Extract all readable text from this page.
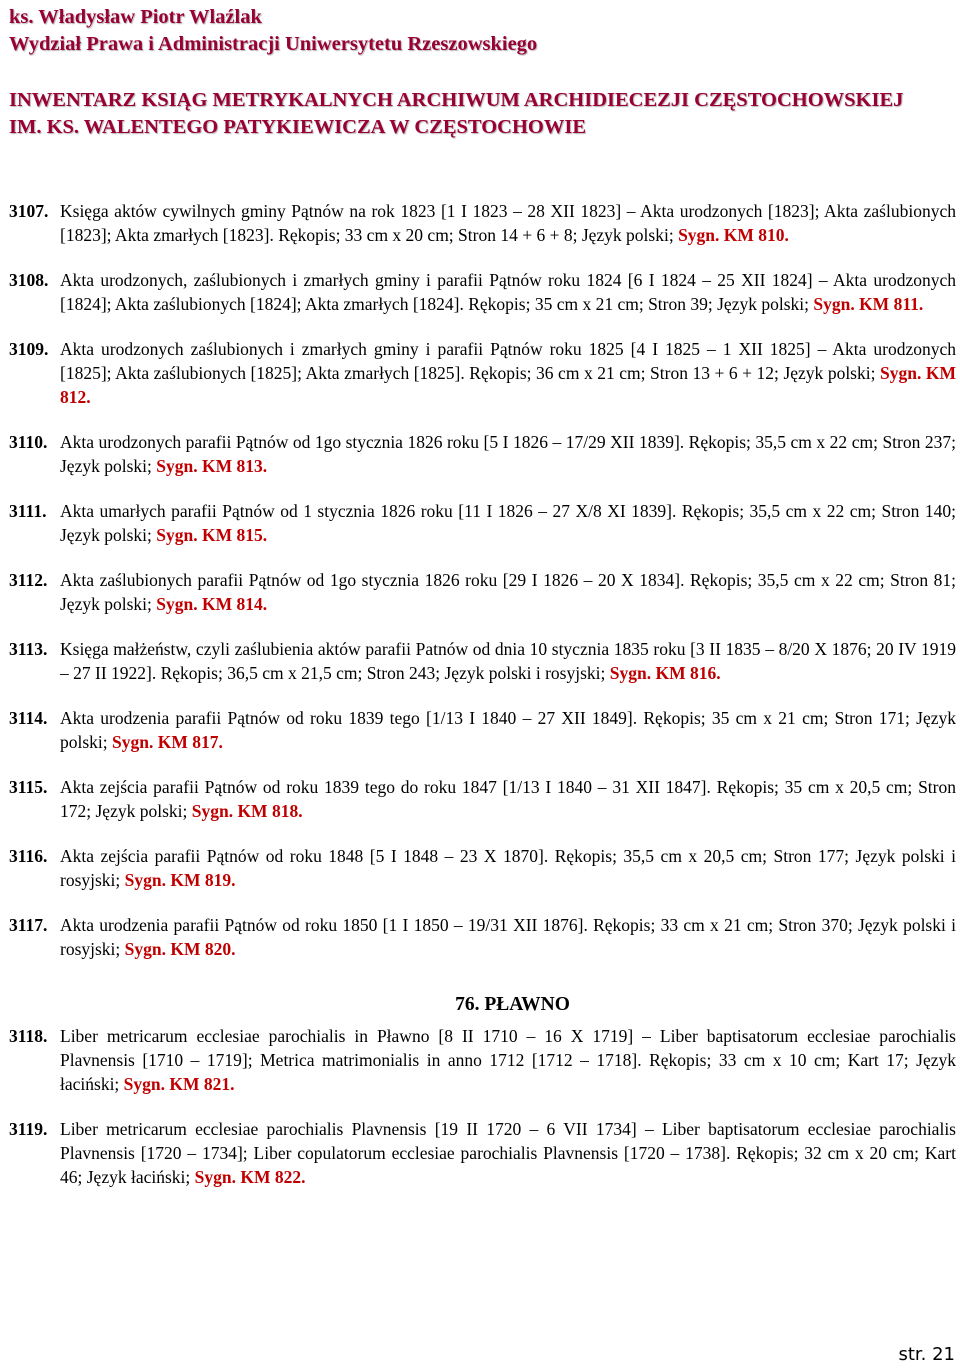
ks. Władysław Piotr Wlaźlak
Wydział Prawa i Administracji Uniwersytetu Rzeszowskiego
INWENTARZ KSIĄG METRYKALNYCH ARCHIWUM ARCHIDIECEZJI CZĘSTOCHOWSKIEJ
IM. KS. WALENTEGO PATYKIEWICZA W CZĘSTOCHOWIE
3107. Księga aktów cywilnych gminy Pątnów na rok 1823 [1 I 1823 – 28 XII 1823] – Akta urodzonych [1823]; Akta zaślubionych [1823]; Akta zmarłych [1823]. Rękopis; 33 cm x 20 cm; Stron 14 + 6 + 8; Język polski; Sygn. KM 810.
3108. Akta urodzonych, zaślubionych i zmarłych gminy i parafii Pątnów roku 1824 [6 I 1824 – 25 XII 1824] – Akta urodzonych [1824]; Akta zaślubionych [1824]; Akta zmarłych [1824]. Rękopis; 35 cm x 21 cm; Stron 39; Język polski; Sygn. KM 811.
3109. Akta urodzonych zaślubionych i zmarłych gminy i parafii Pątnów roku 1825 [4 I 1825 – 1 XII 1825] – Akta urodzonych [1825]; Akta zaślubionych [1825]; Akta zmarłych [1825]. Rękopis; 36 cm x 21 cm; Stron 13 + 6 + 12; Język polski; Sygn. KM 812.
3110. Akta urodzonych parafii Pątnów od 1go stycznia 1826 roku [5 I 1826 – 17/29 XII 1839]. Rękopis; 35,5 cm x 22 cm; Stron 237; Język polski; Sygn. KM 813.
3111. Akta umarłych parafii Pątnów od 1 stycznia 1826 roku [11 I 1826 – 27 X/8 XI 1839]. Rękopis; 35,5 cm x 22 cm; Stron 140; Język polski; Sygn. KM 815.
3112. Akta zaślubionych parafii Pątnów od 1go stycznia 1826 roku [29 I 1826 – 20 X 1834]. Rękopis; 35,5 cm x 22 cm; Stron 81; Język polski; Sygn. KM 814.
3113. Księga małżeństw, czyli zaślubienia aktów parafii Patnów od dnia 10 stycznia 1835 roku [3 II 1835 – 8/20 X 1876; 20 IV 1919 – 27 II 1922]. Rękopis; 36,5 cm x 21,5 cm; Stron 243; Język polski i rosyjski; Sygn. KM 816.
3114. Akta urodzenia parafii Pątnów od roku 1839 tego [1/13 I 1840 – 27 XII 1849]. Rękopis; 35 cm x 21 cm; Stron 171; Język polski; Sygn. KM 817.
3115. Akta zejścia parafii Pątnów od roku 1839 tego do roku 1847 [1/13 I 1840 – 31 XII 1847]. Rękopis; 35 cm x 20,5 cm; Stron 172; Język polski; Sygn. KM 818.
3116. Akta zejścia parafii Pątnów od roku 1848 [5 I 1848 – 23 X 1870]. Rękopis; 35,5 cm x 20,5 cm; Stron 177; Język polski i rosyjski; Sygn. KM 819.
3117. Akta urodzenia parafii Pątnów od roku 1850 [1 I 1850 – 19/31 XII 1876]. Rękopis; 33 cm x 21 cm; Stron 370; Język polski i rosyjski; Sygn. KM 820.
76. PŁAWNO
3118. Liber metricarum ecclesiae parochialis in Pławno [8 II 1710 – 16 X 1719] – Liber baptisatorum ecclesiae parochialis Plavnensis [1710 – 1719]; Metrica matrimonialis in anno 1712 [1712 – 1718]. Rękopis; 33 cm x 10 cm; Kart 17; Język łaciński; Sygn. KM 821.
3119. Liber metricarum ecclesiae parochialis Plavnensis [19 II 1720 – 6 VII 1734] – Liber baptisatorum ecclesiae parochialis Plavnensis [1720 – 1734]; Liber copulatorum ecclesiae parochialis Plavnensis [1720 – 1738]. Rękopis; 32 cm x 20 cm; Kart 46; Język łaciński; Sygn. KM 822.
str. 21
